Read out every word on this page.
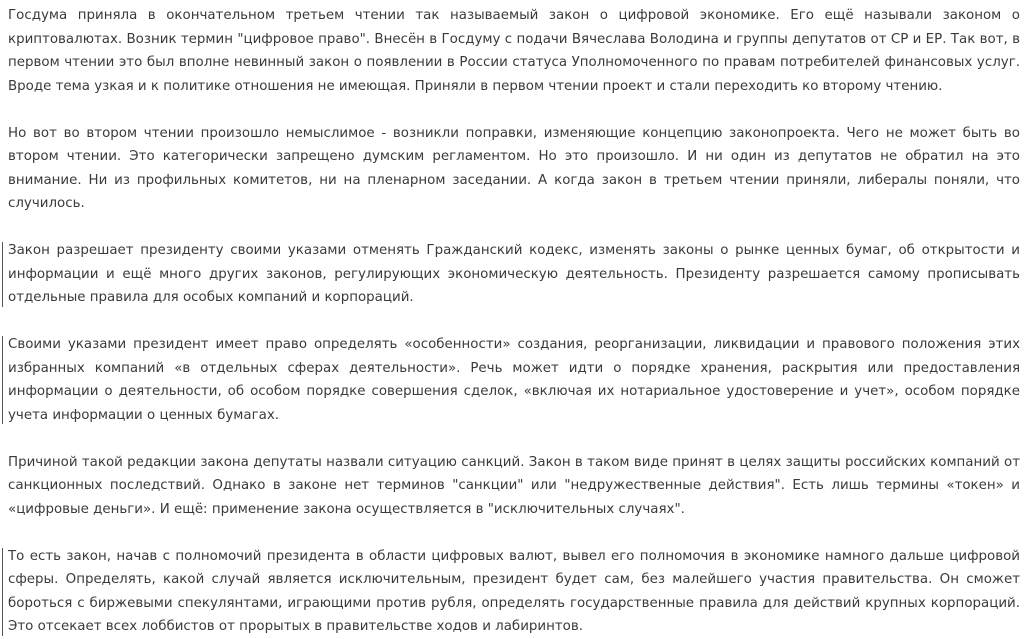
Госдума приняла в окончательном третьем чтении так называемый закон о цифровой экономике. Его ещё называли законом о криптовалютах. Возник термин "цифровое право". Внесён в Госдуму с подачи Вячеслава Володина и группы депутатов от СР и ЕР. Так вот, в первом чтении это был вполне невинный закон о появлении в России статуса Уполномоченного по правам потребителей финансовых услуг. Вроде тема узкая и к политике отношения не имеющая. Приняли в первом чтении проект и стали переходить ко второму чтению.

Но вот во втором чтении произошло немыслимое - возникли поправки, изменяющие концепцию законопроекта. Чего не может быть во втором чтении. Это категорически запрещено думским регламентом. Но это произошло. И ни один из депутатов не обратил на это внимание. Ни из профильных комитетов, ни на пленарном заседании. А когда закон в третьем чтении приняли, либералы поняли, что случилось.

Закон разрешает президенту своими указами отменять Гражданский кодекс, изменять законы о рынке ценных бумаг, об открытости и информации и ещё много других законов, регулирующих экономическую деятельность. Президенту разрешается самому прописывать отдельные правила для особых компаний и корпораций.

Своими указами президент имеет право определять «особенности» создания, реорганизации, ликвидации и правового положения этих избранных компаний «в отдельных сферах деятельности». Речь может идти о порядке хранения, раскрытия или предоставления информации о деятельности, об особом порядке совершения сделок, «включая их нотариальное удостоверение и учет», особом порядке учета информации о ценных бумагах.

Причиной такой редакции закона депутаты назвали ситуацию санкций. Закон в таком виде принят в целях защиты российских компаний от санкционных последствий. Однако в законе нет терминов "санкции" или "недружественные действия". Есть лишь термины «токен» и «цифровые деньги». И ещё: применение закона осуществляется в "исключительных случаях".

То есть закон, начав с полномочий президента в области цифровых валют, вывел его полномочия в экономике намного дальше цифровой сферы. Определять, какой случай является исключительным, президент будет сам, без малейшего участия правительства. Он сможет бороться с биржевыми спекулянтами, играющими против рубля, определять государственные правила для действий крупных корпораций. Это отсекает всех лоббистов от прорытых в правительстве ходов и лабиринтов.
